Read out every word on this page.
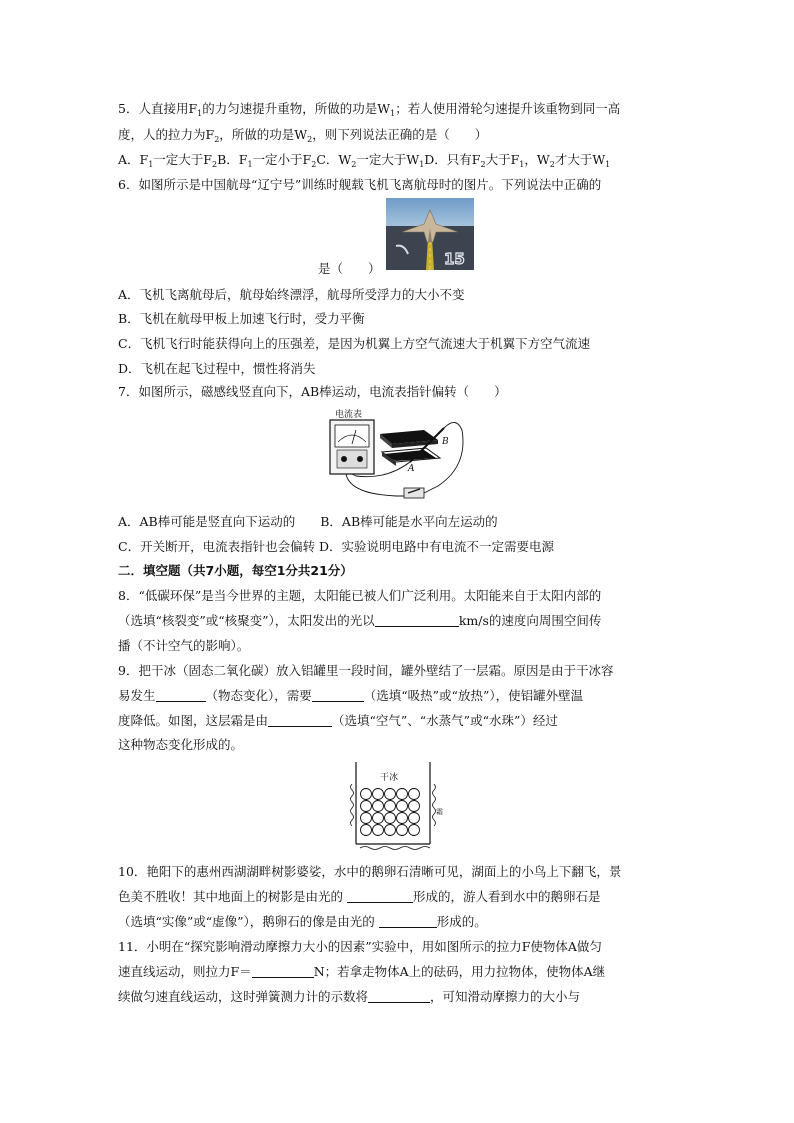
5．人直接用$F_1$的力匀速提升重物，所做的功是$W_1$；若人使用滑轮匀速提升该重物到同一高
度，人的拉力为$F_2$，所做的功是$W_2$，则下列说法正确的是（　　）
A．$F_1$一定大于$F_2B$．$F_1$一定小于$F_2C$．$W_2$一定大于$W_1D$．只有$F_2$大于$F_1$，$W_2$才大于$W_1$
6．如图所示是中国航母“辽宁号”训练时舰载飞机飞离航母时的图片。下列说法中正确的
15
是（　　）
A．飞机飞离航母后，航母始终漂浮，航母所受浮力的大小不变
B．飞机在航母甲板上加速飞行时，受力平衡
C．飞机飞行时能获得向上的压强差，是因为机翼上方空气流速大于机翼下方空气流速
D．飞机在起飞过程中，惯性将消失
7．如图所示，磁感线竖直向下，AB棒运动，电流表指针偏转（　　）
电流表
A
B
A．AB棒可能是竖直向下运动的　　B．AB棒可能是水平向左运动的
C．开关断开，电流表指针也会偏转 D．实验说明电路中有电流不一定需要电源
二．填空题（共7小题，每空1分共21分）
8．“低碳环保”是当今世界的主题，太阳能已被人们广泛利用。太阳能来自于太阳内部的
（选填“核裂变”或“核聚变”），太阳发出的光以	km/s的速度向周围空间传
播（不计空气的影响）。
9．把干冰（固态二氧化碳）放入铝罐里一段时间，罐外壁结了一层霜。原因是由于干冰容
易发生	（物态变化），需要	（选填“吸热”或“放热”），使铝罐外壁温
度降低。如图，这层霜是由	（选填“空气”、“水蒸气”或“水珠”）经过
这种物态变化形成的。
干冰
霜
10．艳阳下的惠州西湖湖畔树影婆娑，水中的鹅卵石清晰可见，湖面上的小鸟上下翻飞，景
色美不胜收！其中地面上的树影是由光的	形成的，游人看到水中的鹅卵石是
（选填“实像”或“虚像”），鹅卵石的像是由光的	形成的。
11．小明在“探究影响滑动摩擦力大小的因素”实验中，用如图所示的拉力F使物体A做匀
速直线运动，则拉力F＝	N；若拿走物体A上的砝码，用力拉物体，使物体A继
续做匀速直线运动，这时弹簧测力计的示数将	，可知滑动摩擦力的大小与
